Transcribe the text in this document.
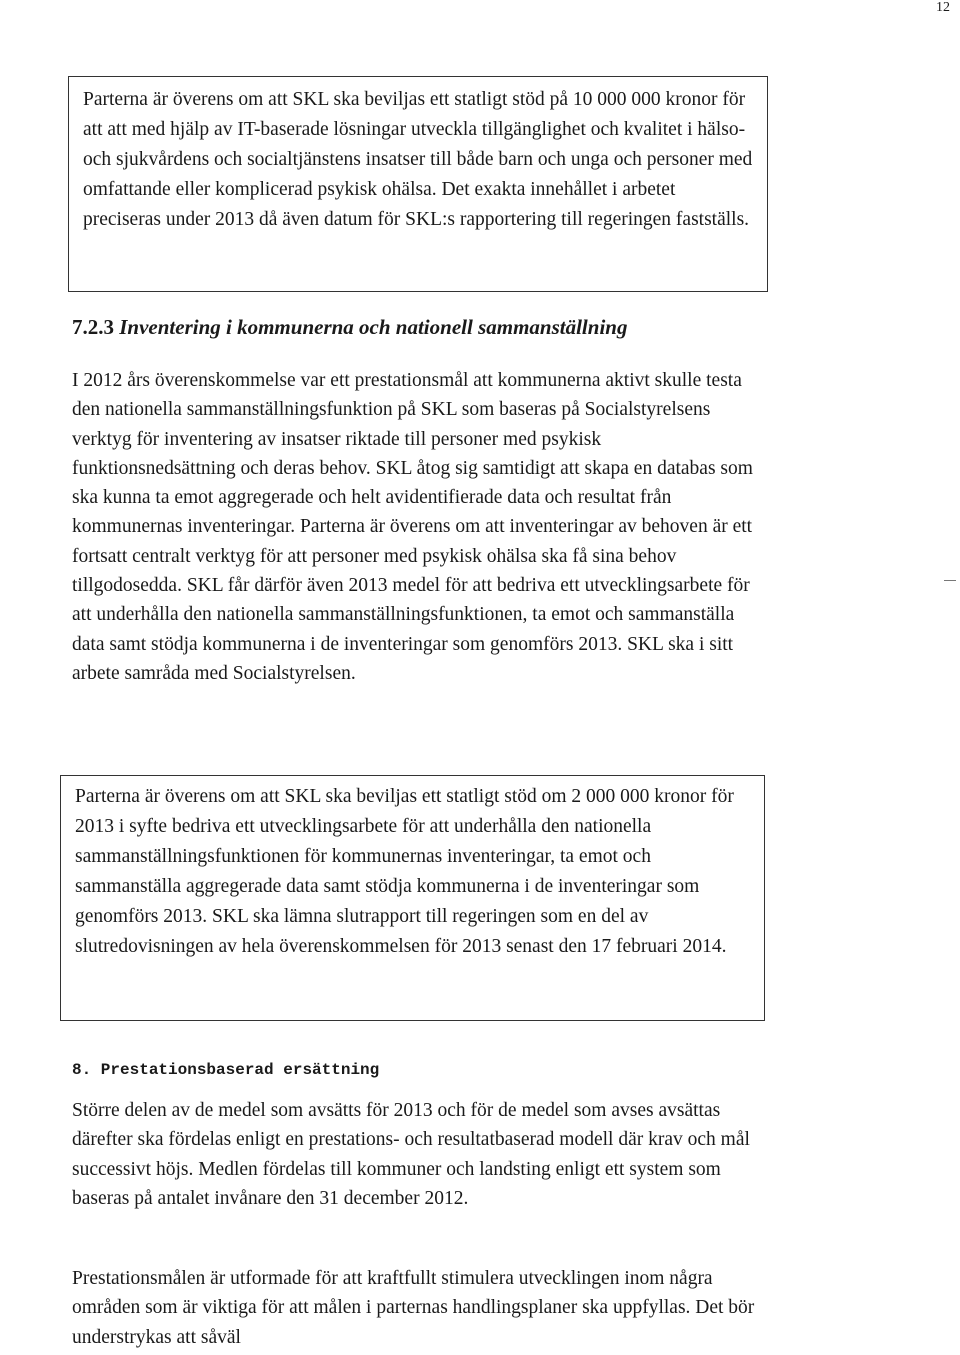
12

Parterna är överens om att SKL ska beviljas ett statligt stöd på 10 000 000 kronor för att att med hjälp av IT-baserade lösningar utveckla tillgänglighet och kvalitet i hälso- och sjukvårdens och socialtjänstens insatser till både barn och unga och personer med omfattande eller komplicerad psykisk ohälsa. Det exakta innehållet i arbetet preciseras under 2013 då även datum för SKL:s rapportering till regeringen fastställs.

7.2.3 Inventering i kommunerna och nationell sammanställning

I 2012 års överenskommelse var ett prestationsmål att kommunerna aktivt skulle testa den nationella sammanställningsfunktion på SKL som baseras på Socialstyrelsens verktyg för inventering av insatser riktade till personer med psykisk funktionsnedsättning och deras behov. SKL åtog sig samtidigt att skapa en databas som ska kunna ta emot aggregerade och helt avidentifierade data och resultat från kommunernas inventeringar. Parterna är överens om att inventeringar av behoven är ett fortsatt centralt verktyg för att personer med psykisk ohälsa ska få sina behov tillgodosedda. SKL får därför även 2013 medel för att bedriva ett utvecklingsarbete för att underhålla den nationella sammanställningsfunktionen, ta emot och sammanställa data samt stödja kommunerna i de inventeringar som genomförs 2013. SKL ska i sitt arbete samråda med Socialstyrelsen.

Parterna är överens om att SKL ska beviljas ett statligt stöd om 2 000 000 kronor för 2013 i syfte bedriva ett utvecklingsarbete för att underhålla den nationella sammanställningsfunktionen för kommunernas inventeringar, ta emot och sammanställa aggregerade data samt stödja kommunerna i de inventeringar som genomförs 2013. SKL ska lämna slutrapport till regeringen som en del av slutredovisningen av hela överenskommelsen för 2013 senast den 17 februari 2014.

8. Prestationsbaserad ersättning

Större delen av de medel som avsätts för 2013 och för de medel som avses avsättas därefter ska fördelas enligt en prestations- och resultatbaserad modell där krav och mål successivt höjs. Medlen fördelas till kommuner och landsting enligt ett system som baseras på antalet invånare den 31 december 2012.

Prestationsmålen är utformade för att kraftfullt stimulera utvecklingen inom några områden som är viktiga för att målen i parternas handlingsplaner ska uppfyllas. Det bör understrykas att såväl
